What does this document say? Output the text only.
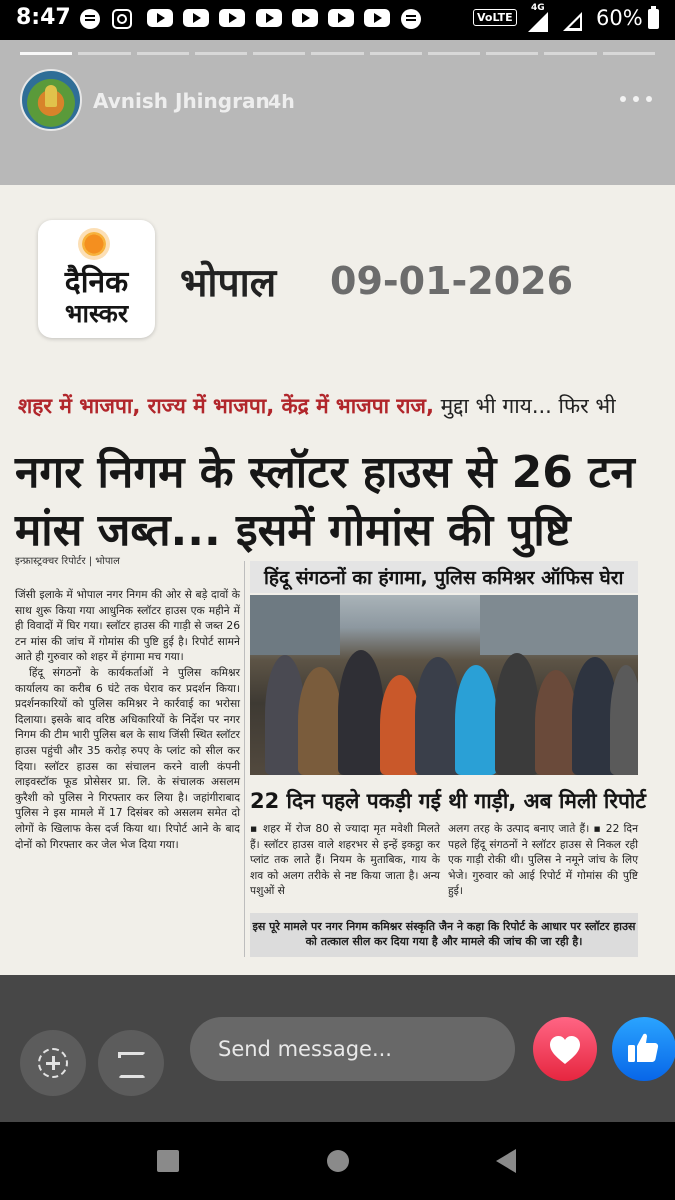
8:47	VoLTE
4G 60%
Avnish Jhingran
4h
दैनिक
भास्कर
भोपाल 09-01-2026
शहर में भाजपा, राज्य में भाजपा, केंद्र में भाजपा राज, मुद्दा भी गाय... फिर भी
नगर निगम के स्लॉटर हाउस से 26 टन
मांस जब्त... इसमें गोमांस की पुष्टि
इन्फ्रास्ट्रक्चर रिपोर्टर | भोपाल

जिंसी इलाके में भोपाल नगर निगम की ओर से बड़े दावों के साथ शुरू किया गया आधुनिक स्लॉटर हाउस एक महीने में ही विवादों में घिर गया। स्लॉटर हाउस की गाड़ी से जब्त 26 टन मांस की जांच में गोमांस की पुष्टि हुई है। रिपोर्ट सामने आते ही गुरुवार को शहर में हंगामा मच गया।

हिंदू संगठनों के कार्यकर्ताओं ने पुलिस कमिश्नर कार्यालय का करीब 6 घंटे तक घेराव कर प्रदर्शन किया। प्रदर्शनकारियों को पुलिस कमिश्नर ने कार्रवाई का भरोसा दिलाया। इसके बाद वरिष्ठ अधिकारियों के निर्देश पर नगर निगम की टीम भारी पुलिस बल के साथ जिंसी स्थित स्लॉटर हाउस पहुंची और 35 करोड़ रुपए के प्लांट को सील कर दिया। स्लॉटर हाउस का संचालन करने वाली कंपनी लाइवस्टॉक फूड प्रोसेसर प्रा. लि. के संचालक असलम कुरैशी को पुलिस ने गिरफ्तार कर लिया है। जहांगीराबाद पुलिस ने इस मामले में 17 दिसंबर को असलम समेत दो लोगों के खिलाफ केस दर्ज किया था। रिपोर्ट आने के बाद दोनों को गिरफ्तार कर जेल भेज दिया गया।

हिंदू संगठनों का हंगामा, पुलिस कमिश्नर ऑफिस घेरा
22 दिन पहले पकड़ी गई थी गाड़ी, अब मिली रिपोर्ट

▪ शहर में रोज 80 से ज्यादा मृत मवेशी मिलते हैं। स्लॉटर हाउस वाले शहरभर से इन्हें इकट्ठा कर प्लांट तक लाते हैं। नियम के मुताबिक, गाय के शव को अलग तरीके से नष्ट किया जाता है। अन्य पशुओं से

अलग तरह के उत्पाद बनाए जाते हैं। ▪ 22 दिन पहले हिंदू संगठनों ने स्लॉटर हाउस से निकल रही एक गाड़ी रोकी थी। पुलिस ने नमूने जांच के लिए भेजे। गुरुवार को आई रिपोर्ट में गोमांस की पुष्टि हुई।

इस पूरे मामले पर नगर निगम कमिश्नर संस्कृति जैन ने कहा कि रिपोर्ट के आधार पर स्लॉटर हाउस को तत्काल सील कर दिया गया है और मामले की जांच की जा रही है।
Send message...
